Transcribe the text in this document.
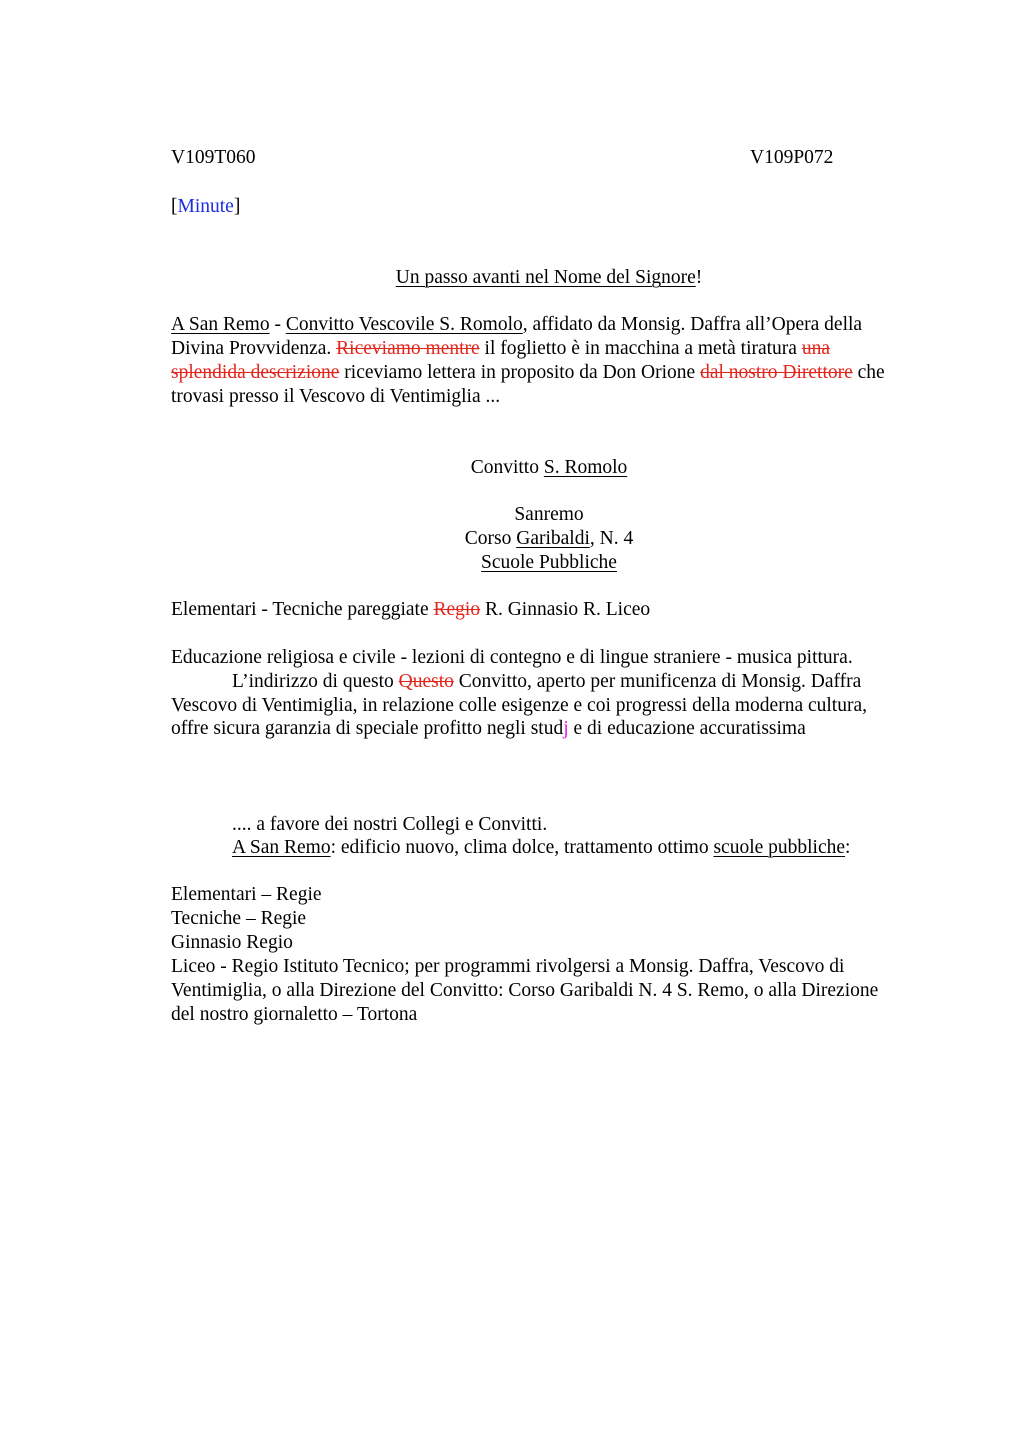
V109T060	V109P072
[Minute]
Un passo avanti nel Nome del Signore!
A San Remo - Convitto Vescovile S. Romolo, affidato da Monsig. Daffra all’Opera della
Divina Provvidenza. Riceviamo mentre il foglietto è in macchina a metà tiratura una
splendida descrizione riceviamo lettera in proposito da Don Orione dal nostro Direttore che
trovasi presso il Vescovo di Ventimiglia ...
Convitto S. Romolo
Sanremo
Corso Garibaldi, N. 4
Scuole Pubbliche
Elementari - Tecniche pareggiate Regio R. Ginnasio R. Liceo
Educazione religiosa e civile - lezioni di contegno e di lingue straniere - musica pittura.
L’indirizzo di questo Questo Convitto, aperto per munificenza di Monsig. Daffra
Vescovo di Ventimiglia, in relazione colle esigenze e coi progressi della moderna cultura,
offre sicura garanzia di speciale profitto negli studj e di educazione accuratissima
.... a favore dei nostri Collegi e Convitti.
A San Remo: edificio nuovo, clima dolce, trattamento ottimo scuole pubbliche:
Elementari – Regie
Tecniche – Regie
Ginnasio Regio
Liceo - Regio Istituto Tecnico; per programmi rivolgersi a Monsig. Daffra, Vescovo di
Ventimiglia, o alla Direzione del Convitto: Corso Garibaldi N. 4 S. Remo, o alla Direzione
del nostro giornaletto – Tortona
